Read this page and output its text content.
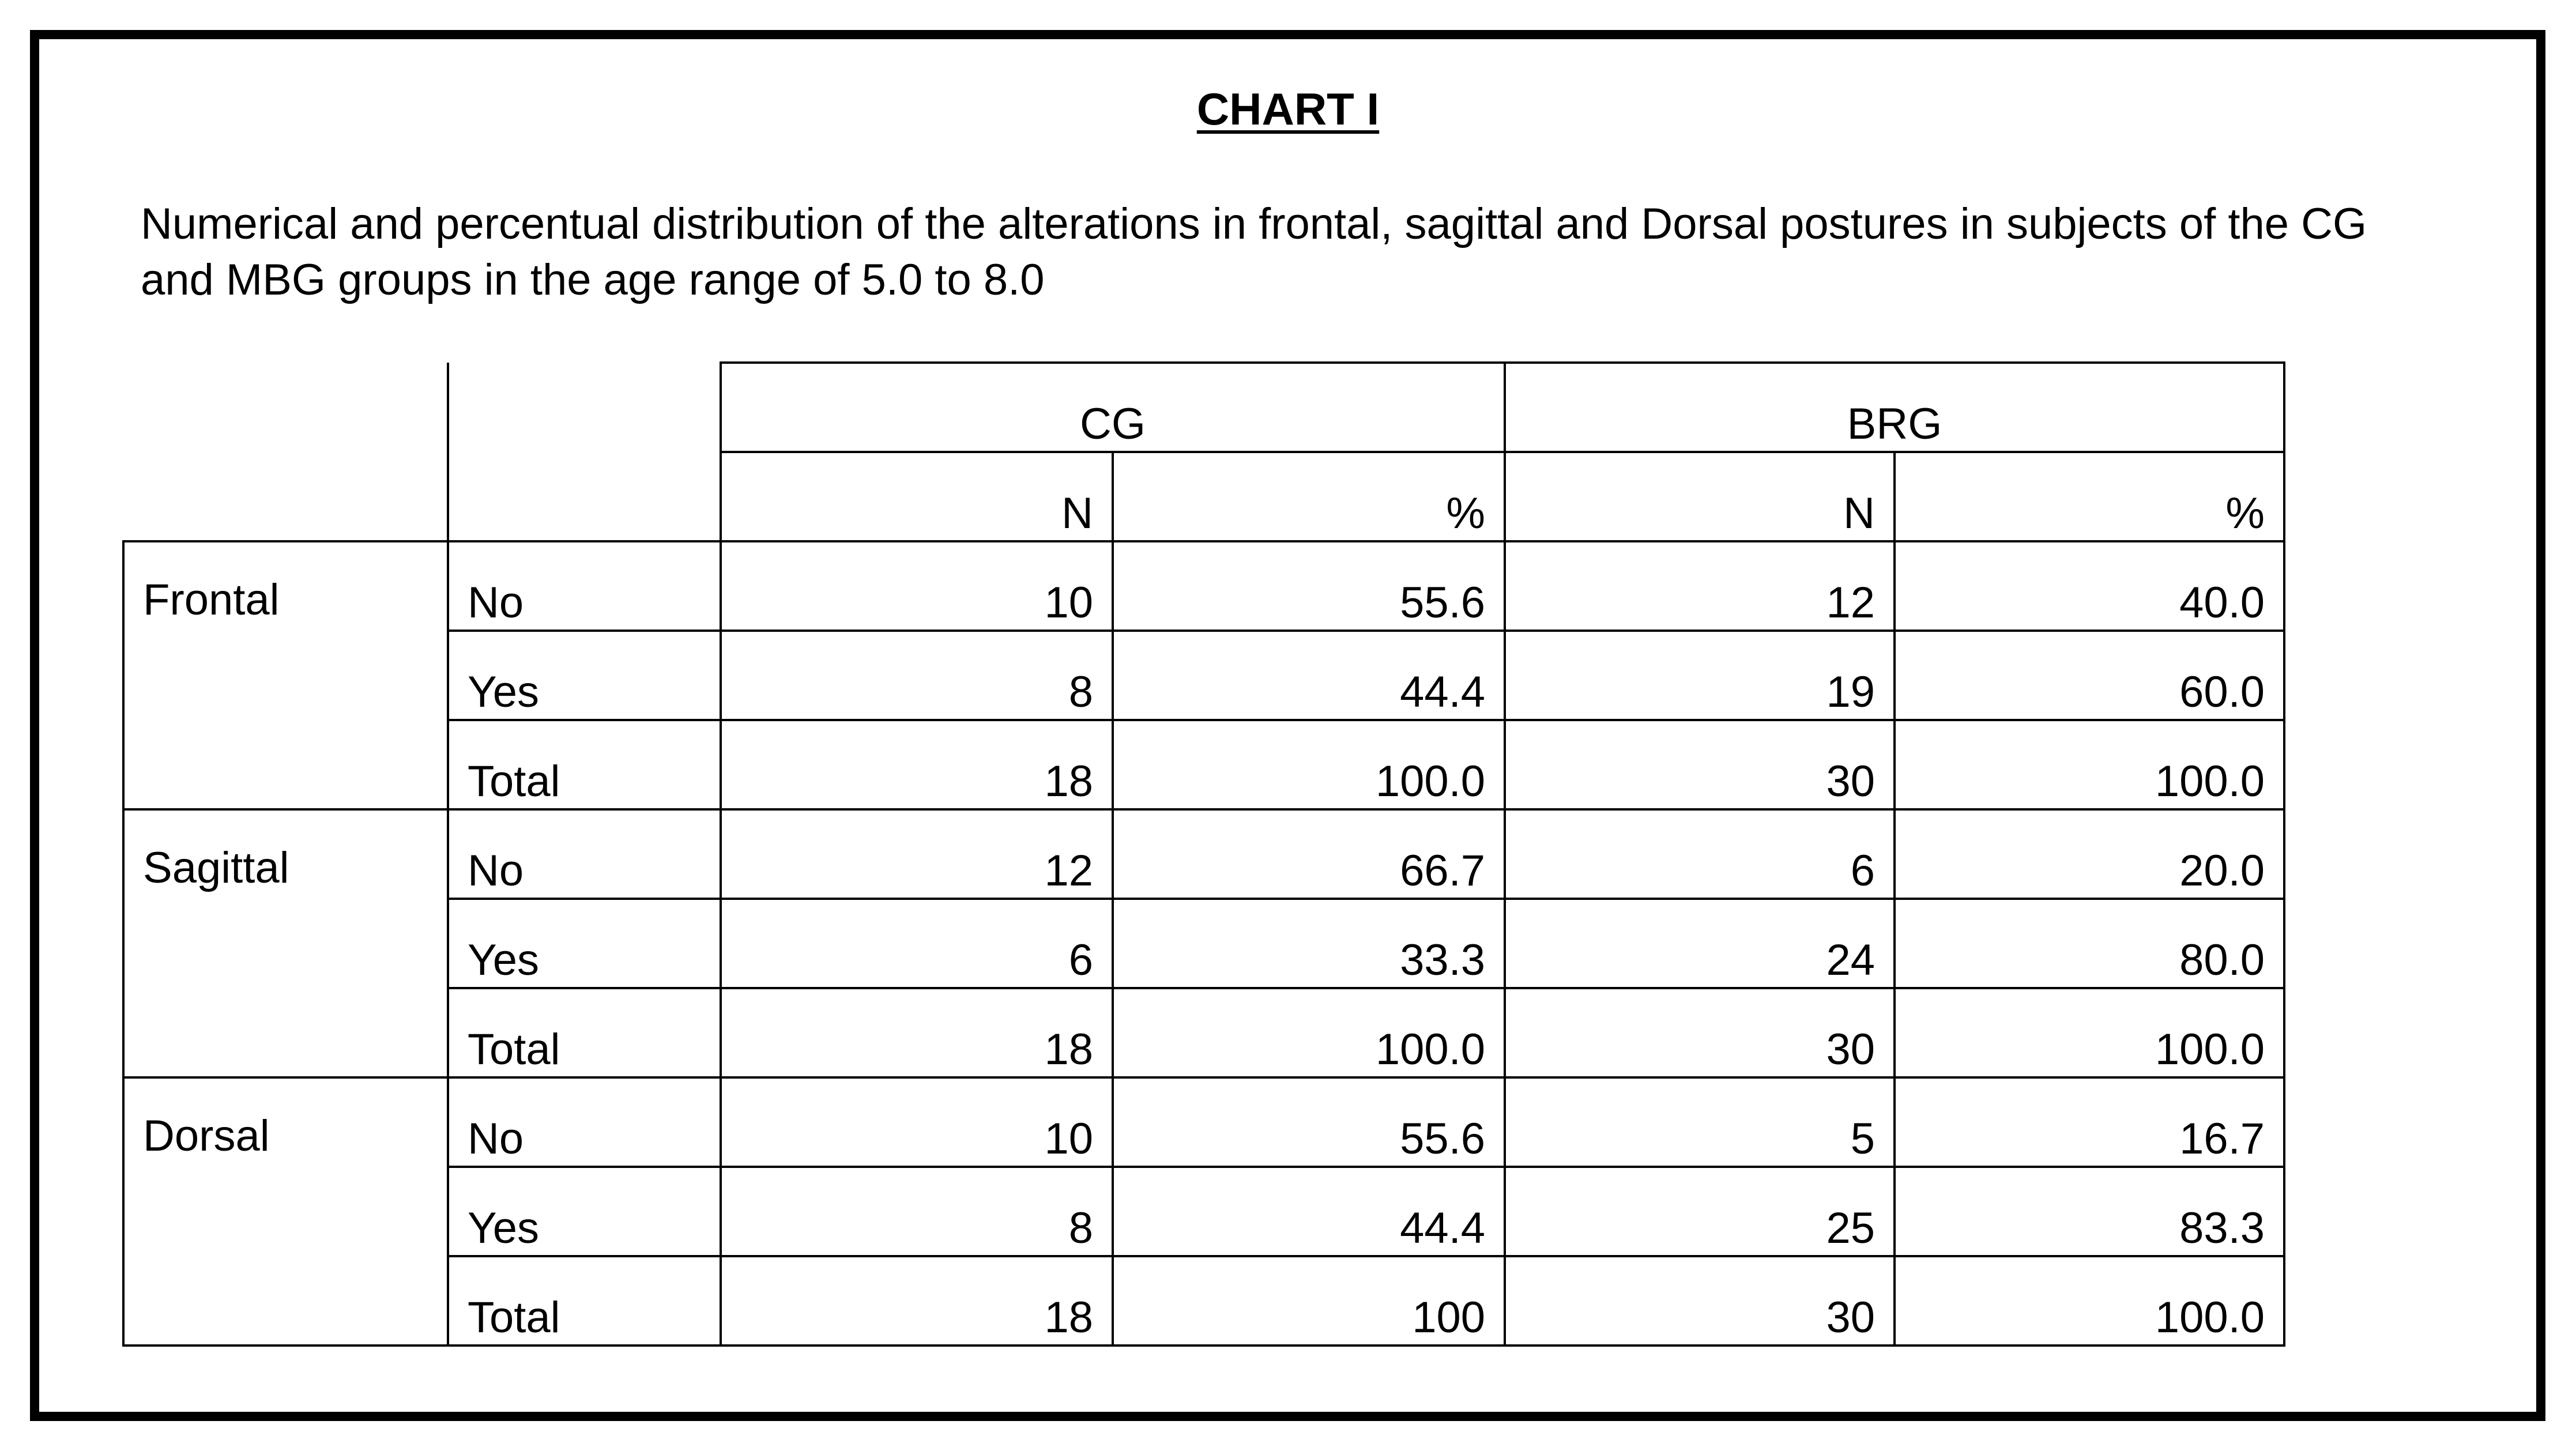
CHART I
Numerical and percentual distribution of the alterations in frontal, sagittal and Dorsal postures in subjects of the CG and MBG groups in the age range of 5.0 to 8.0
		CG		BRG	
		N	%	N	%
Frontal	No	10	55.6	12	40.0
	Yes	8	44.4	19	60.0
	Total	18	100.0	30	100.0
Sagittal	No	12	66.7	6	20.0
	Yes	6	33.3	24	80.0
	Total	18	100.0	30	100.0
Dorsal	No	10	55.6	5	16.7
	Yes	8	44.4	25	83.3
	Total	18	100	30	100.0
